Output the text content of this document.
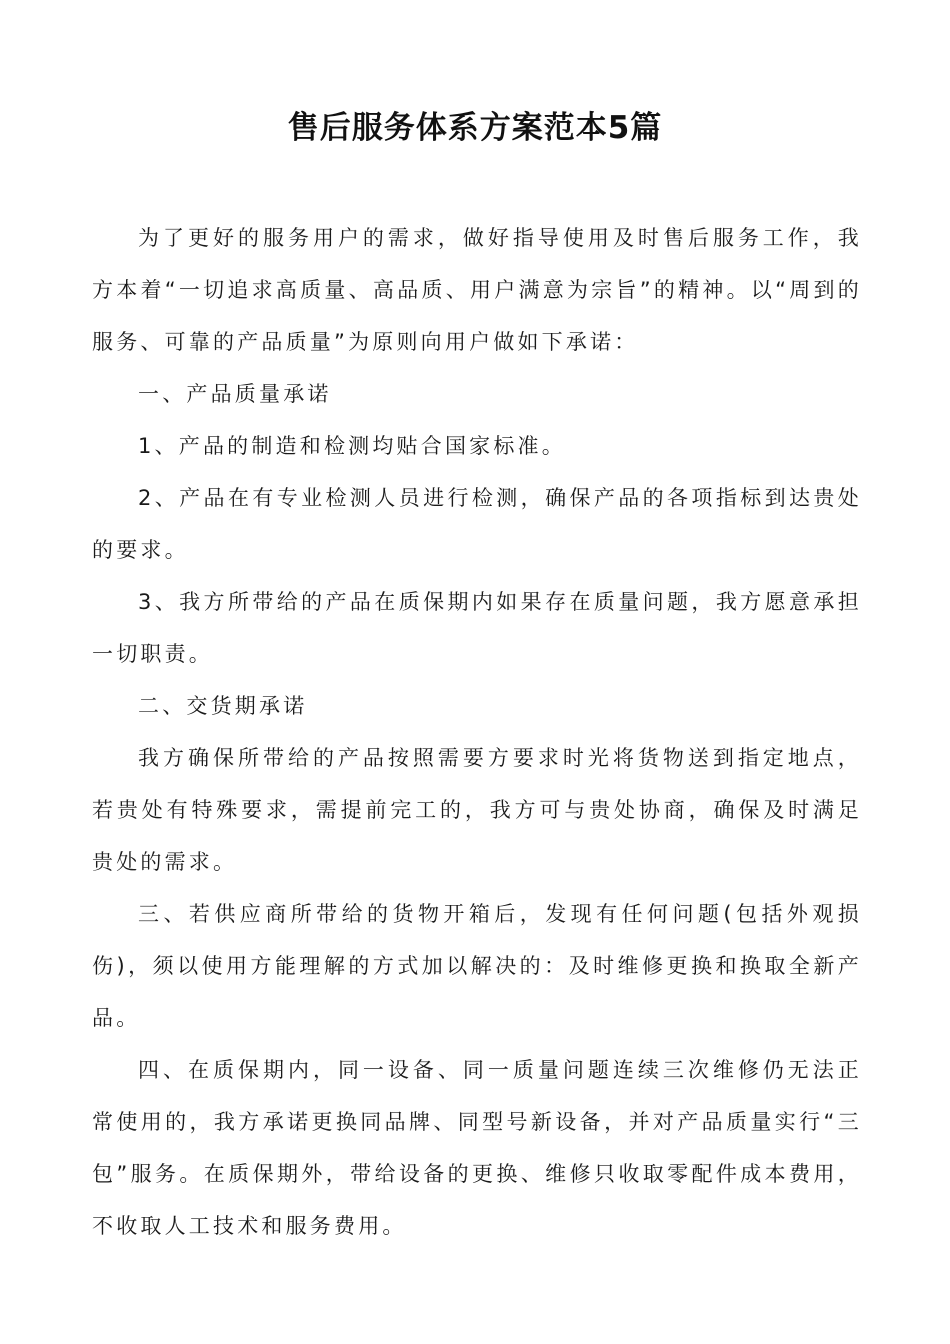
售后服务体系方案范本5篇

为了更好的服务用户的需求，做好指导使用及时售后服务工作，我方本着“一切追求高质量、高品质、用户满意为宗旨”的精神。以“周到的服务、可靠的产品质量”为原则向用户做如下承诺：

一、产品质量承诺

1、产品的制造和检测均贴合国家标准。

2、产品在有专业检测人员进行检测，确保产品的各项指标到达贵处的要求。

3、我方所带给的产品在质保期内如果存在质量问题，我方愿意承担一切职责。

二、交货期承诺

我方确保所带给的产品按照需要方要求时光将货物送到指定地点，若贵处有特殊要求，需提前完工的，我方可与贵处协商，确保及时满足贵处的需求。

三、若供应商所带给的货物开箱后，发现有任何问题(包括外观损伤)，须以使用方能理解的方式加以解决的：及时维修更换和换取全新产品。

四、在质保期内，同一设备、同一质量问题连续三次维修仍无法正常使用的，我方承诺更换同品牌、同型号新设备，并对产品质量实行“三包”服务。在质保期外，带给设备的更换、维修只收取零配件成本费用，不收取人工技术和服务费用。
